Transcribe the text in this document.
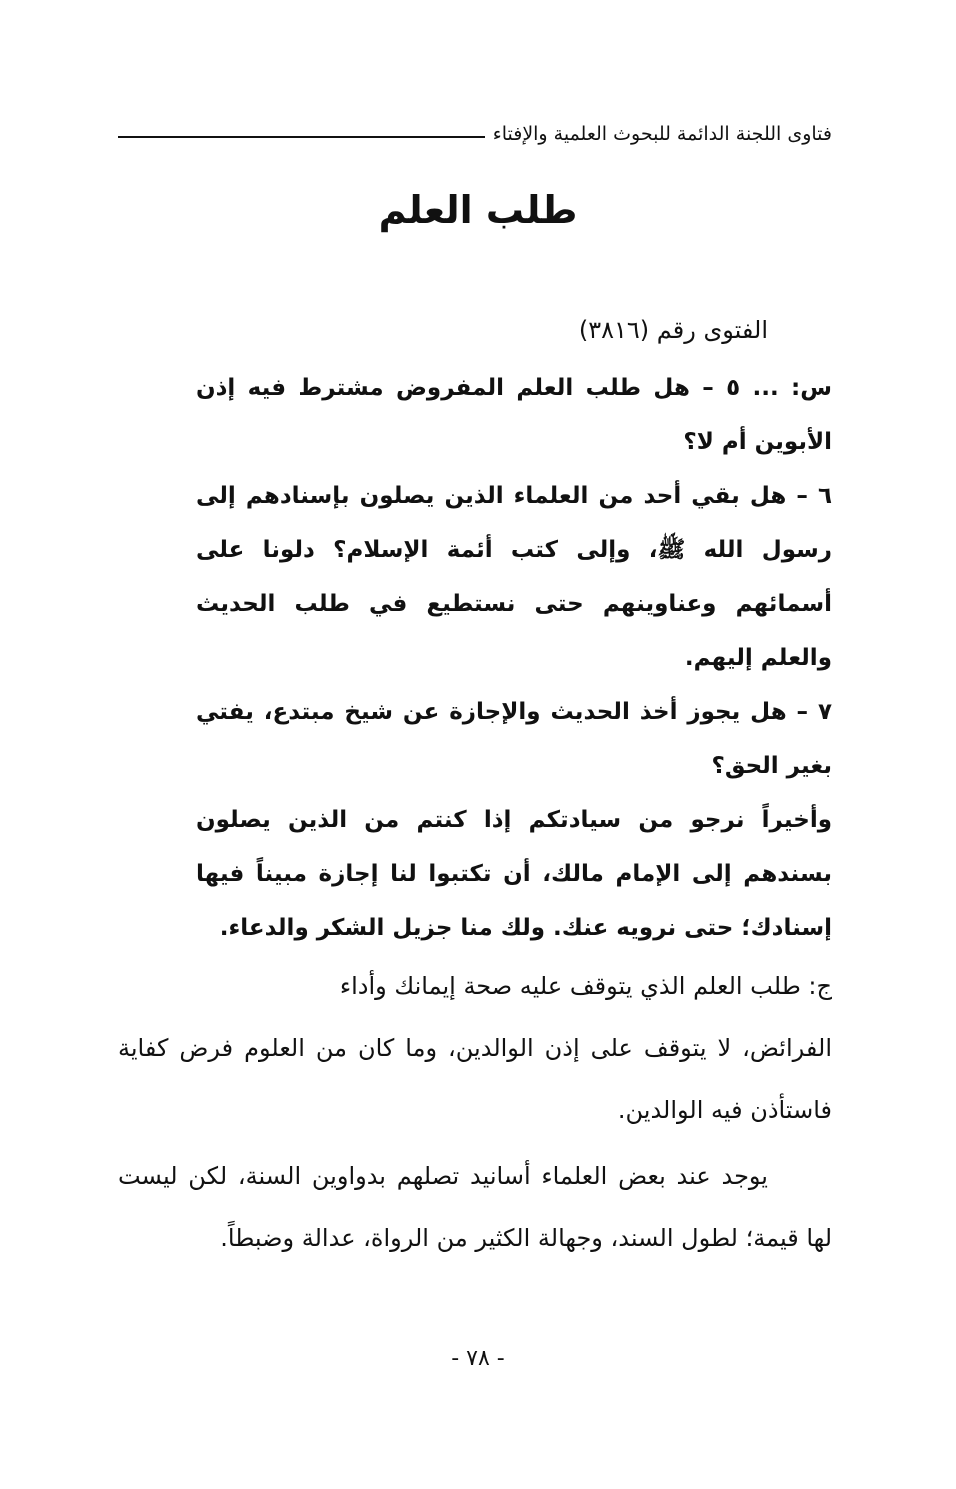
فتاوى اللجنة الدائمة للبحوث العلمية والإفتاء
طلب العلم
الفتوى رقم (٣٨١٦)

س: ... ٥ – هل طلب العلم المفروض مشترط فيه إذن الأبوين أم لا؟

٦ – هل بقي أحد من العلماء الذين يصلون بإسنادهم إلى رسول الله ﷺ، وإلى كتب أئمة الإسلام؟ دلونا على أسمائهم وعناوينهم حتى نستطيع في طلب الحديث والعلم إليهم.

٧ – هل يجوز أخذ الحديث والإجازة عن شيخ مبتدع، يفتي بغير الحق؟

وأخيراً نرجو من سيادتكم إذا كنتم من الذين يصلون بسندهم إلى الإمام مالك، أن تكتبوا لنا إجازة مبيناً فيها إسنادك؛ حتى نرويه عنك. ولك منا جزيل الشكر والدعاء.

ج: طلب العلم الذي يتوقف عليه صحة إيمانك وأداء

الفرائض، لا يتوقف على إذن الوالدين، وما كان من العلوم فرض كفاية فاستأذن فيه الوالدين.

يوجد عند بعض العلماء أسانيد تصلهم بدواوين السنة، لكن ليست لها قيمة؛ لطول السند، وجهالة الكثير من الرواة، عدالة وضبطاً.

- ٧٨ -
